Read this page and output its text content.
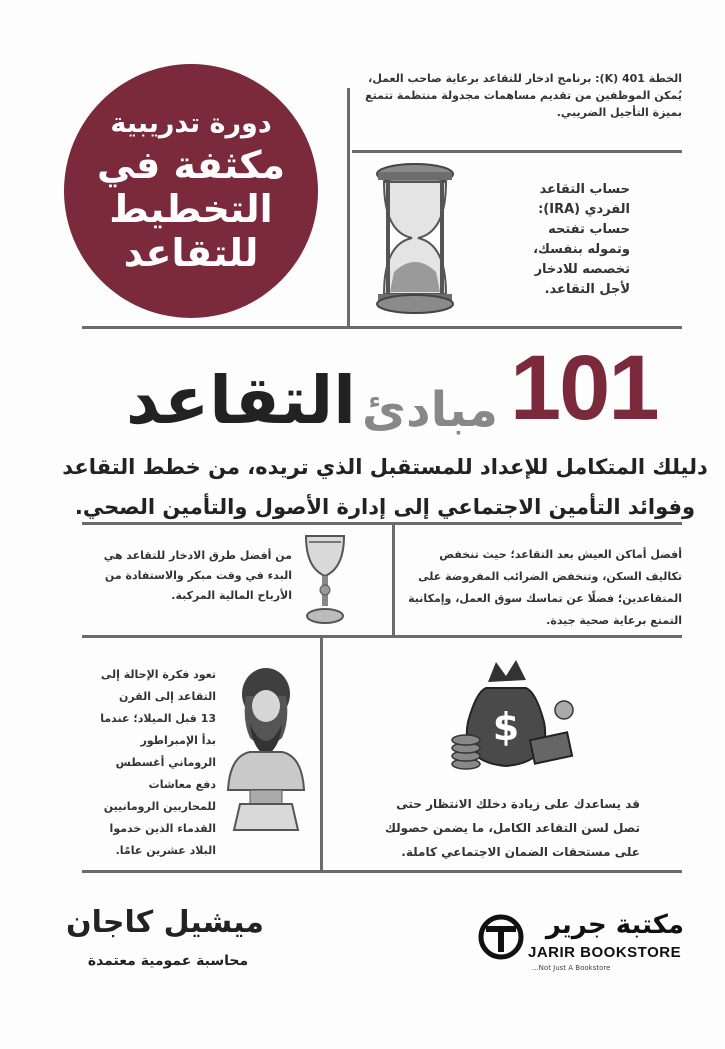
دورة تدريبية
مكثفة في
التخطيط
للتقاعد
الخطة 401 (K): برنامج ادخار للتقاعد برعاية صاحب العمل، يُمكن الموظفين من تقديم مساهمات مجدولة منتظمة تتمتع بميزة التأجيل الضريبي.
حساب التقاعد الفردي (IRA): حساب تفتحه وتموله بنفسك، تخصصه للادخار لأجل التقاعد.
101
مبادئ
التقاعد
دليلك المتكامل للإعداد للمستقبل الذي تريده، من خطط التقاعد وفوائد التأمين الاجتماعي إلى إدارة الأصول والتأمين الصحي.
من أفضل طرق الادخار للتقاعد هي البدء في وقت مبكر والاستفادة من الأرباح المالية المركبة.
أفضل أماكن العيش بعد التقاعد؛ حيث تنخفض تكاليف السكن، وتنخفض الضرائب المفروضة على المتقاعدين؛ فضلًا عن تماسك سوق العمل، وإمكانية التمتع برعاية صحية جيدة.
تعود فكرة الإحالة إلى التقاعد إلى القرن 13 قبل الميلاد؛ عندما بدأ الإمبراطور الروماني أغسطس دفع معاشات للمحاربين الرومانيين القدماء الذين خدموا البلاد عشرين عامًا.
$
قد يساعدك على زيادة دخلك الانتظار حتى تصل لسن التقاعد الكامل، ما يضمن حصولك على مستحقات الضمان الاجتماعي كاملة.
ميشيل كاجان
محاسبة عمومية معتمدة
مكتبة جرير
JARIR BOOKSTORE
...Not Just A Bookstore
